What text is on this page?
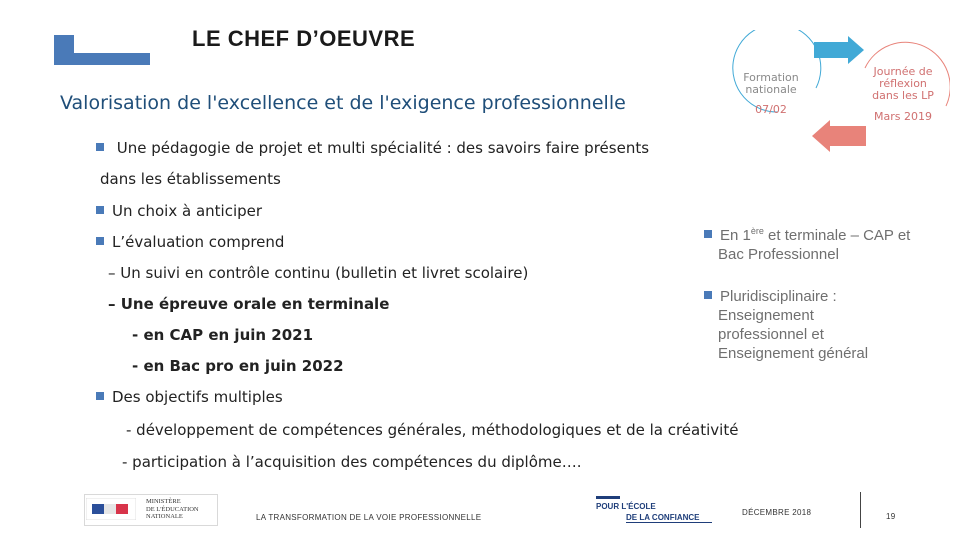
LE CHEF D’OEUVRE
Valorisation de l'excellence et de l'exigence professionnelle
Formation nationale
07/02
Journée de réflexion dans les LP
Mars 2019
Une pédagogie de projet et multi spécialité : des savoirs faire présents
dans les établissements
Un choix à anticiper
L’évaluation comprend
– Un suivi en contrôle continu (bulletin et livret scolaire)
– Une épreuve orale en terminale
- en CAP en juin 2021
- en Bac pro en juin 2022
Des objectifs multiples
- développement de compétences générales, méthodologiques et de la créativité
- participation à l’acquisition des compétences du diplôme….
En 1ère et terminale – CAP et
Bac Professionnel
Pluridisciplinaire :
Enseignement
professionnel et
Enseignement général
MINISTÈRE
DE L'ÉDUCATION
NATIONALE	LA TRANSFORMATION DE LA VOIE PROFESSIONNELLE
POUR L'ÉCOLE
DE LA CONFIANCE
DÉCEMBRE 2018	19
